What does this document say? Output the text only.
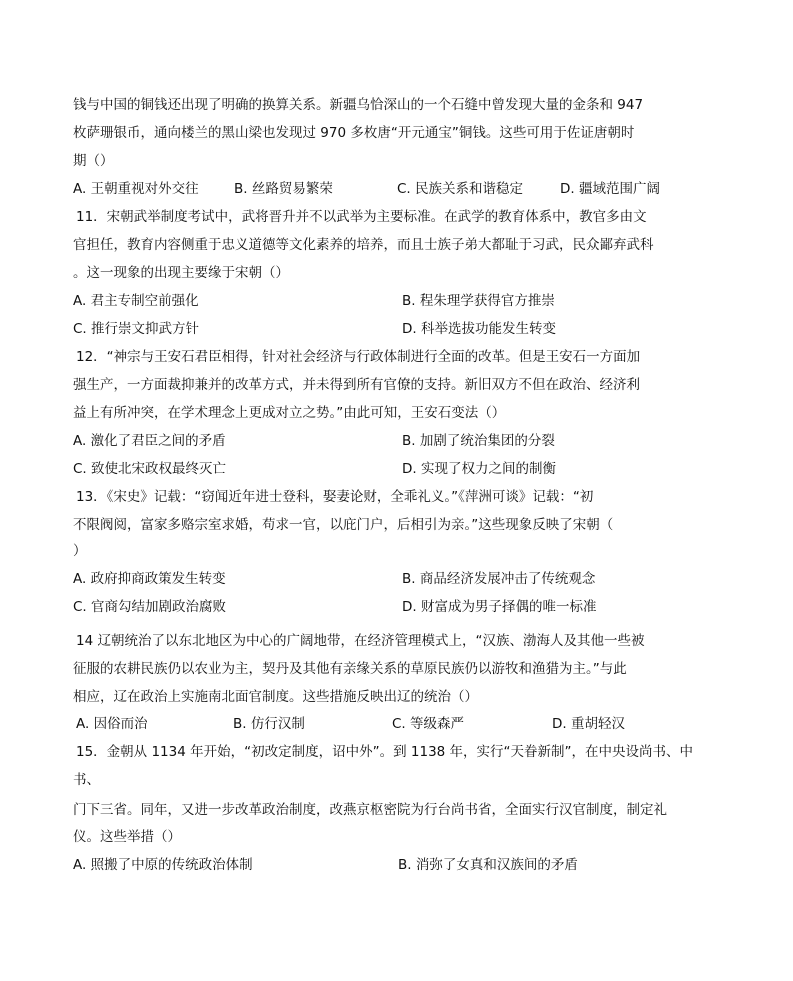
钱与中国的铜钱还出现了明确的换算关系。新疆乌恰深山的一个石缝中曾发现大量的金条和 947
枚萨珊银币，通向楼兰的黑山梁也发现过 970 多枚唐“开元通宝”铜钱。这些可用于佐证唐朝时
期（）
A. 王朝重视对外交往	B. 丝路贸易繁荣	C. 民族关系和谐稳定	D. 疆域范围广阔
11．宋朝武举制度考试中，武将晋升并不以武举为主要标准。在武学的教育体系中，教官多由文
官担任，教育内容侧重于忠义道德等文化素养的培养，而且士族子弟大都耻于习武，民众鄙弃武科
。这一现象的出现主要缘于宋朝（）
A. 君主专制空前强化	B. 程朱理学获得官方推崇
C. 推行崇文抑武方针	D. 科举选拔功能发生转变
12．“神宗与王安石君臣相得，针对社会经济与行政体制进行全面的改革。但是王安石一方面加
强生产，一方面裁抑兼并的改革方式，并未得到所有官僚的支持。新旧双方不但在政治、经济利
益上有所冲突，在学术理念上更成对立之势。”由此可知，王安石变法（）
A. 激化了君臣之间的矛盾	B. 加剧了统治集团的分裂
C. 致使北宋政权最终灭亡	D. 实现了权力之间的制衡
13．《宋史》记载：“窃闻近年进士登科，娶妻论财，全乖礼义。”《萍洲可谈》记载：“初
不限阀阅，富家多赂宗室求婚，苟求一官，以庇门户，后相引为亲。”这些现象反映了宋朝（
）
A. 政府抑商政策发生转变	B. 商品经济发展冲击了传统观念
C. 官商勾结加剧政治腐败	D. 财富成为男子择偶的唯一标准
14 辽朝统治了以东北地区为中心的广阔地带，在经济管理模式上，“汉族、渤海人及其他一些被
征服的农耕民族仍以农业为主，契丹及其他有亲缘关系的草原民族仍以游牧和渔猎为主。”与此
相应，辽在政治上实施南北面官制度。这些措施反映出辽的统治（）
A. 因俗而治	B. 仿行汉制	C. 等级森严	D. 重胡轻汉
15．金朝从 1134 年开始，“初改定制度，诏中外”。到 1138 年，实行“天眷新制”，在中央设尚书、中
书、
门下三省。同年，又进一步改革政治制度，改燕京枢密院为行台尚书省，全面实行汉官制度，制定礼
仪。这些举措（）
A. 照搬了中原的传统政治体制	B. 消弥了女真和汉族间的矛盾
